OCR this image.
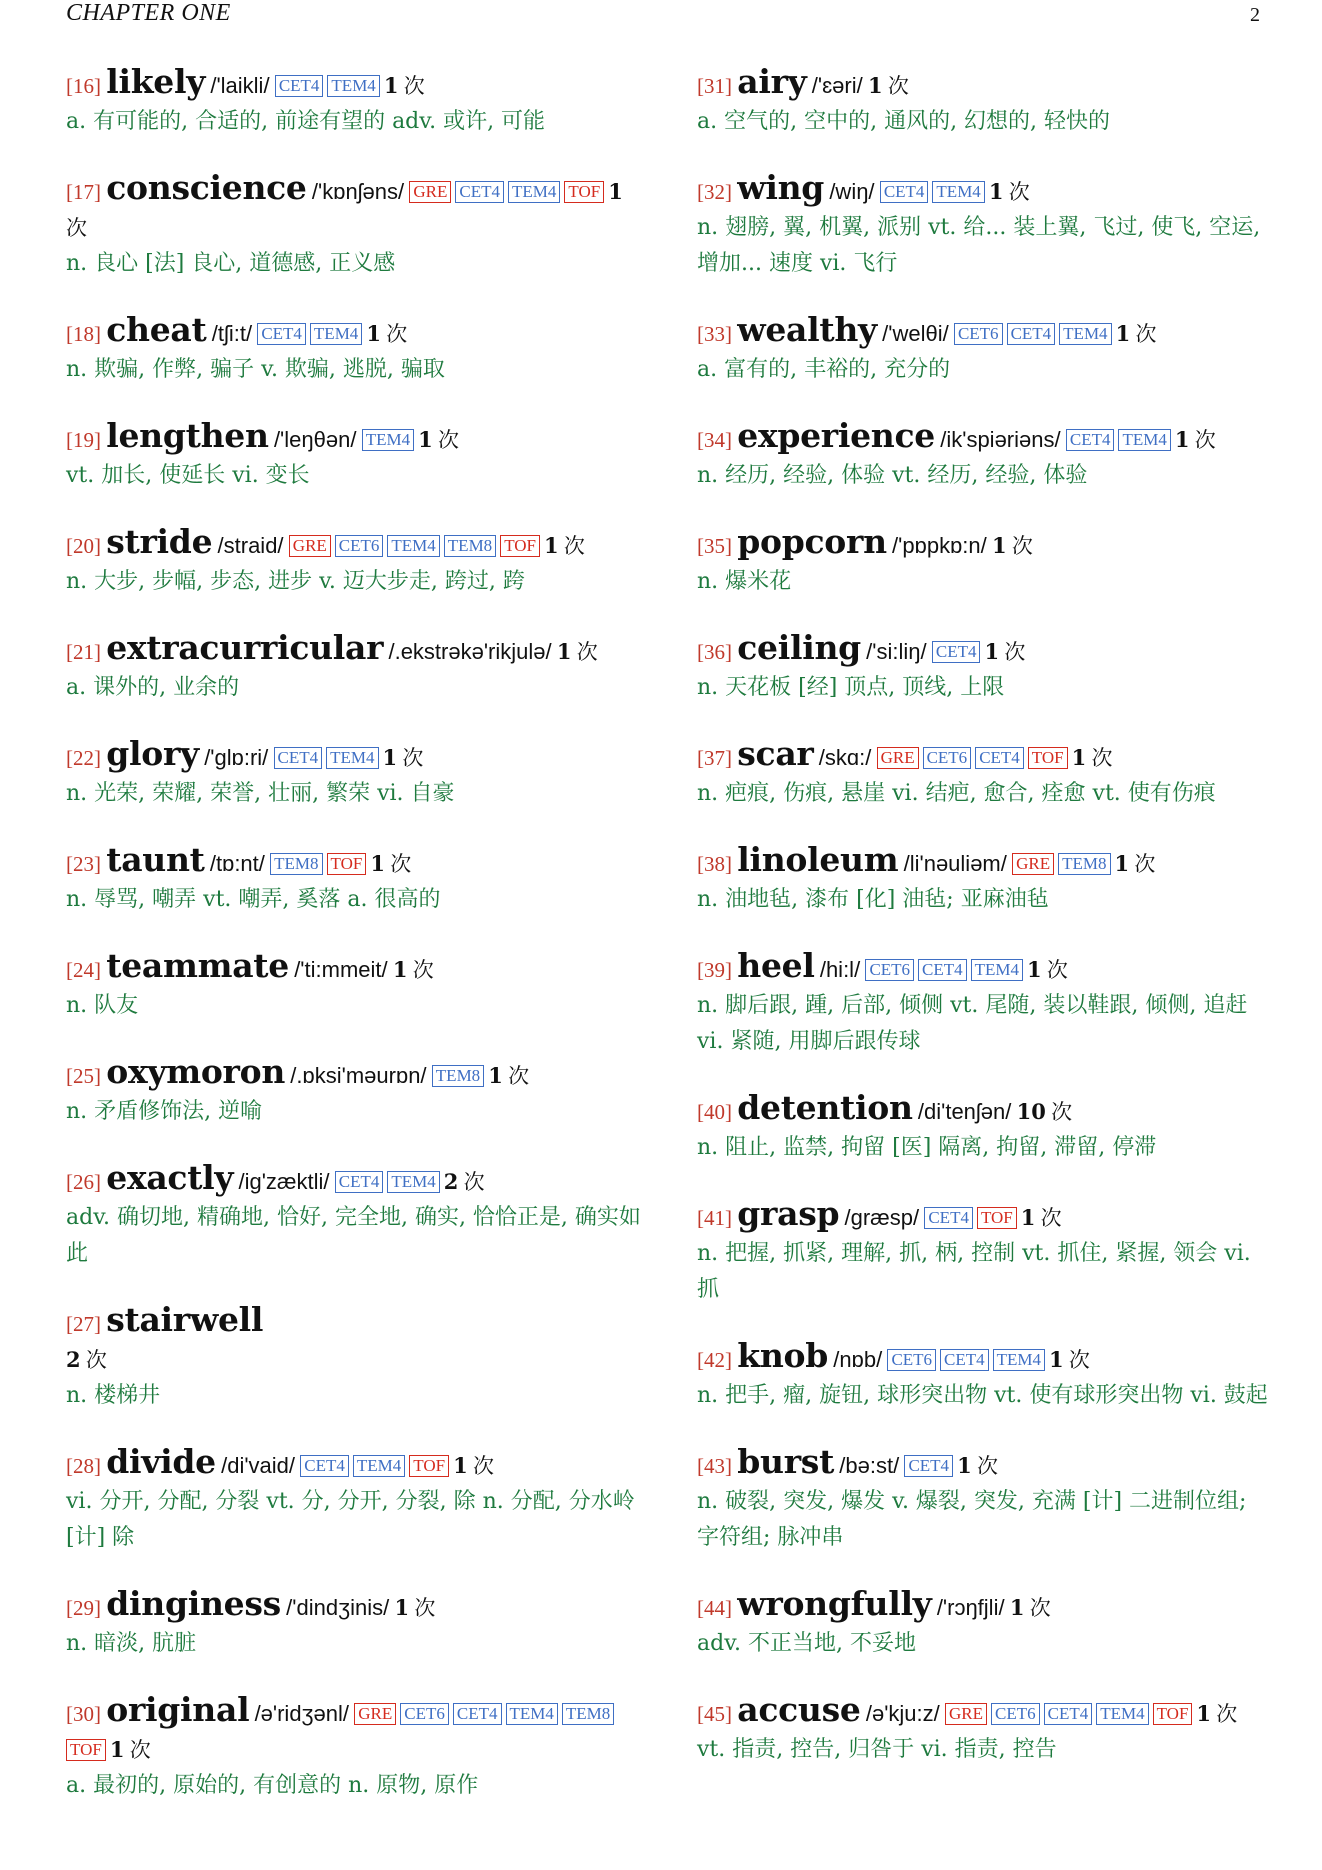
CHAPTER ONE	2
[16] likely /'laikli/ CET4 TEM4 1 次
a. 有可能的, 合适的, 前途有望的 adv. 或许, 可能
[17] conscience /'kɒnʃəns/ GRE CET4 TEM4 TOF 1 次
n. 良心 [法] 良心, 道德感, 正义感
[18] cheat /tʃi:t/ CET4 TEM4 1 次
n. 欺骗, 作弊, 骗子 v. 欺骗, 逃脱, 骗取
[19] lengthen /'leŋθən/ TEM4 1 次
vt. 加长, 使延长 vi. 变长
[20] stride /straid/ GRE CET6 TEM4 TEM8 TOF 1 次
n. 大步, 步幅, 步态, 进步 v. 迈大步走, 跨过, 跨
[21] extracurricular /.ekstrəkə'rikjulə/ 1 次
a. 课外的, 业余的
[22] glory /'glɒ:ri/ CET4 TEM4 1 次
n. 光荣, 荣耀, 荣誉, 壮丽, 繁荣 vi. 自豪
[23] taunt /tɒ:nt/ TEM8 TOF 1 次
n. 辱骂, 嘲弄 vt. 嘲弄, 奚落 a. 很高的
[24] teammate /'ti:mmeit/ 1 次
n. 队友
[25] oxymoron /.ɒksi'məurɒn/ TEM8 1 次
n. 矛盾修饰法, 逆喻
[26] exactly /ig'zæktli/ CET4 TEM4 2 次
adv. 确切地, 精确地, 恰好, 完全地, 确实, 恰恰正是, 确实如此
[27] stairwell
2 次
n. 楼梯井
[28] divide /di'vaid/ CET4 TEM4 TOF 1 次
vi. 分开, 分配, 分裂 vt. 分, 分开, 分裂, 除 n. 分配, 分水岭 [计] 除
[29] dinginess /'dindʒinis/ 1 次
n. 暗淡, 肮脏
[30] original /ə'ridʒənl/ GRE CET6 CET4 TEM4 TEM8TOF 1 次
a. 最初的, 原始的, 有创意的 n. 原物, 原作
[31] airy /'ɛəri/ 1 次
a. 空气的, 空中的, 通风的, 幻想的, 轻快的
[32] wing /wiŋ/ CET4 TEM4 1 次
n. 翅膀, 翼, 机翼, 派别 vt. 给... 装上翼, 飞过, 使飞, 空运, 增加... 速度 vi. 飞行
[33] wealthy /'welθi/ CET6 CET4 TEM4 1 次
a. 富有的, 丰裕的, 充分的
[34] experience /ik'spiəriəns/ CET4 TEM4 1 次
n. 经历, 经验, 体验 vt. 经历, 经验, 体验
[35] popcorn /'pɒpkɒ:n/ 1 次
n. 爆米花
[36] ceiling /'si:liŋ/ CET4 1 次
n. 天花板 [经] 顶点, 顶线, 上限
[37] scar /skɑ:/ GRE CET6 CET4 TOF 1 次
n. 疤痕, 伤痕, 悬崖 vi. 结疤, 愈合, 痊愈 vt. 使有伤痕
[38] linoleum /li'nəuliəm/ GRE TEM8 1 次
n. 油地毡, 漆布 [化] 油毡; 亚麻油毡
[39] heel /hi:l/ CET6 CET4 TEM4 1 次
n. 脚后跟, 踵, 后部, 倾侧 vt. 尾随, 装以鞋跟, 倾侧, 追赶 vi. 紧随, 用脚后跟传球
[40] detention /di'tenʃən/ 10 次
n. 阻止, 监禁, 拘留 [医] 隔离, 拘留, 滞留, 停滞
[41] grasp /græsp/ CET4 TOF 1 次
n. 把握, 抓紧, 理解, 抓, 柄, 控制 vt. 抓住, 紧握, 领会 vi. 抓
[42] knob /nɒb/ CET6 CET4 TEM4 1 次
n. 把手, 瘤, 旋钮, 球形突出物 vt. 使有球形突出物 vi. 鼓起
[43] burst /bə:st/ CET4 1 次
n. 破裂, 突发, 爆发 v. 爆裂, 突发, 充满 [计] 二进制位组; 字符组; 脉冲串
[44] wrongfully /'rɔŋfjli/ 1 次
adv. 不正当地, 不妥地
[45] accuse /ə'kju:z/ GRE CET6 CET4 TEM4 TOF 1 次
vt. 指责, 控告, 归咎于 vi. 指责, 控告
